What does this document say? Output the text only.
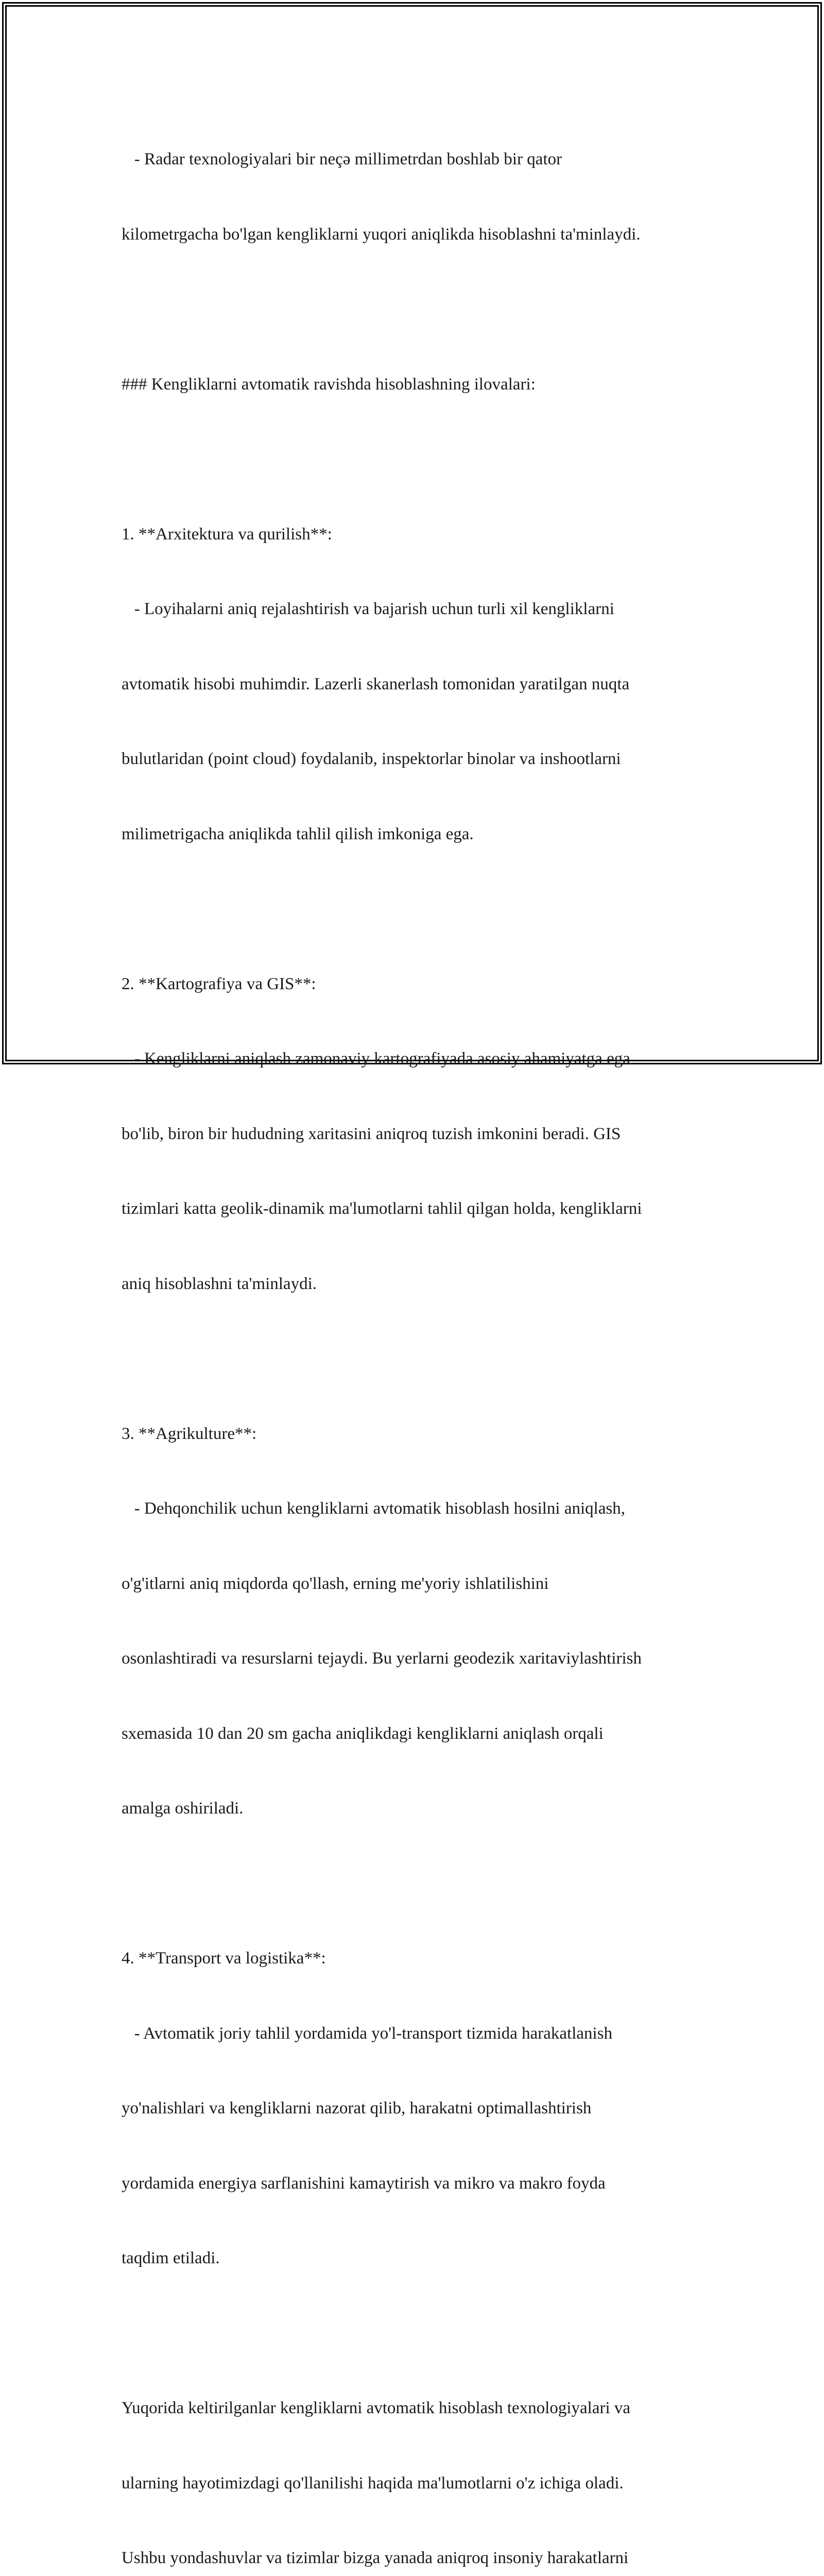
- Radar texnologiyalari bir neçə millimetrdan boshlab bir qator

kilometrgacha bo'lgan kengliklarni yuqori aniqlikda hisoblashni ta'minlaydi.

### Kengliklarni avtomatik ravishda hisoblashning ilovalari:

1. **Arxitektura va qurilish**:

- Loyihalarni aniq rejalashtirish va bajarish uchun turli xil kengliklarni

avtomatik hisobi muhimdir. Lazerli skanerlash tomonidan yaratilgan nuqta

bulutlaridan (point cloud) foydalanib, inspektorlar binolar va inshootlarni

milimetrigacha aniqlikda tahlil qilish imkoniga ega.

2. **Kartografiya va GIS**:

- Kengliklarni aniqlash zamonaviy kartografiyada asosiy ahamiyatga ega

bo'lib, biron bir hududning xaritasini aniqroq tuzish imkonini beradi. GIS

tizimlari katta geolik-dinamik ma'lumotlarni tahlil qilgan holda, kengliklarni

aniq hisoblashni ta'minlaydi.

3. **Agrikulture**:

- Dehqonchilik uchun kengliklarni avtomatik hisoblash hosilni aniqlash,

o'g'itlarni aniq miqdorda qo'llash, erning me'yoriy ishlatilishini

osonlashtiradi va resurslarni tejaydi. Bu yerlarni geodezik xaritaviylashtirish

sxemasida 10 dan 20 sm gacha aniqlikdagi kengliklarni aniqlash orqali

amalga oshiriladi.

4. **Transport va logistika**:

- Avtomatik joriy tahlil yordamida yo'l-transport tizmida harakatlanish

yo'nalishlari va kengliklarni nazorat qilib, harakatni optimallashtirish

yordamida energiya sarflanishini kamaytirish va mikro va makro foyda

taqdim etiladi.

Yuqorida keltirilganlar kengliklarni avtomatik hisoblash texnologiyalari va

ularning hayotimizdagi qo'llanilishi haqida ma'lumotlarni o'z ichiga oladi.

Ushbu yondashuvlar va tizimlar bizga yanada aniqroq insoniy harakatlarni
